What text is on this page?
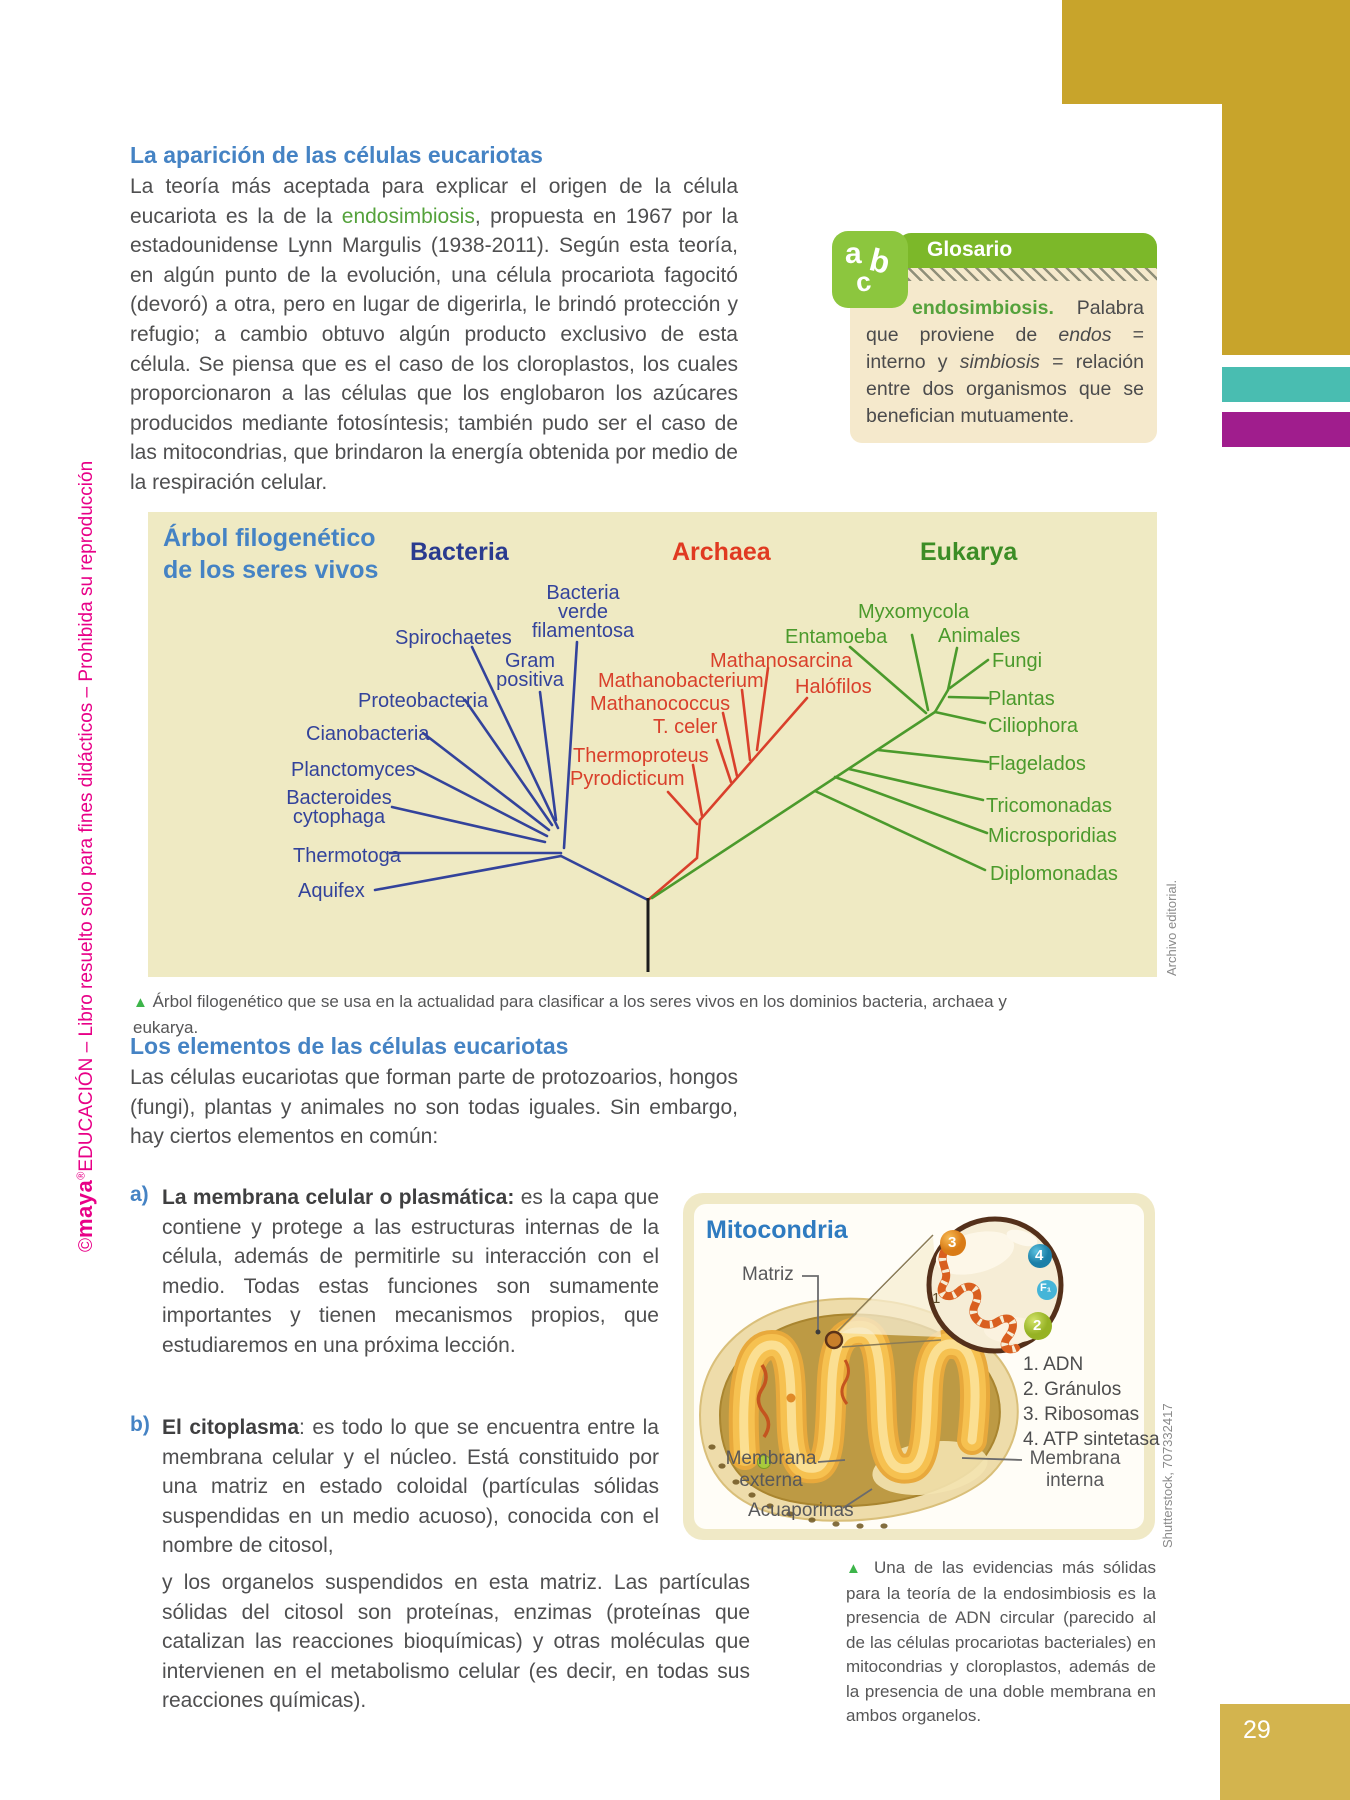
©maya®EDUCACIÓN – Libro resuelto solo para fines didácticos – Prohibida su reproducción
La aparición de las células eucariotas
La teoría más aceptada para explicar el origen de la célula eucariota es la de la endosimbiosis, propuesta en 1967 por la estadounidense Lynn Margulis (1938-2011). Según esta teoría, en algún punto de la evolución, una célula procariota fagocitó (devoró) a otra, pero en lugar de digerirla, le brindó protección y refugio; a cambio obtuvo algún producto exclusivo de esta célula. Se piensa que es el caso de los cloroplastos, los cuales proporcionaron a las células que los englobaron los azúcares producidos mediante fotosíntesis; también pudo ser el caso de las mitocondrias, que brindaron la energía obtenida por medio de la respiración celular.
Glosario
a b
c
endosimbiosis. Palabra que proviene de endos = interno y simbiosis = relación entre dos organismos que se benefician mutuamente.
Árbol filogenético de los seres vivos
Bacteria	Archaea	Eukarya
Bacteria verde filamentosa
Spirochaetes
Gram positiva
Proteobacteria
Cianobacteria
Planctomyces
Bacteroides cytophaga
Thermotoga
Aquifex
Mathanosarcina
Mathanobacterium
Mathanococcus
T. celer
Thermoproteus
Pyrodicticum
Halófilos
Myxomycola
Entamoeba	Animales
Fungi
Plantas
Ciliophora
Flagelados
Tricomonadas
Microsporidias
Diplomonadas
Archivo editorial.
▲ Árbol filogenético que se usa en la actualidad para clasificar a los seres vivos en los dominios bacteria, archaea y eukarya.
Los elementos de las células eucariotas
Las células eucariotas que forman parte de protozoarios, hongos (fungi), plantas y animales no son todas iguales. Sin embargo, hay ciertos elementos en común:
a) La membrana celular o plasmática: es la capa que contiene y protege a las estructuras internas de la célula, además de permitirle su interacción con el medio. Todas estas funciones son sumamente importantes y tienen mecanismos propios, que estudiaremos en una próxima lección.
b) El citoplasma: es todo lo que se encuentra entre la membrana celular y el núcleo. Está constituido por una matriz en estado coloidal (partículas sólidas suspendidas en un medio acuoso), conocida con el nombre de citosol,
y los organelos suspendidos en esta matriz. Las partículas sólidas del citosol son proteínas, enzimas (proteínas que catalizan las reacciones bioquímicas) y otras moléculas que intervienen en el metabolismo celular (es decir, en todas sus reacciones químicas).
Mitocondria
Matriz
Membrana externa
Acuaporinas
Membrana interna
1. ADN
2. Gránulos
3. Ribosomas
4. ATP sintetasa
1
3
4
F₁
2
Shutterstock, 707332417
▲ Una de las evidencias más sólidas para la teoría de la endosimbiosis es la presencia de ADN circular (parecido al de las células procariotas bacteriales) en mitocondrias y cloroplastos, además de la presencia de una doble membrana en ambos organelos.
29
